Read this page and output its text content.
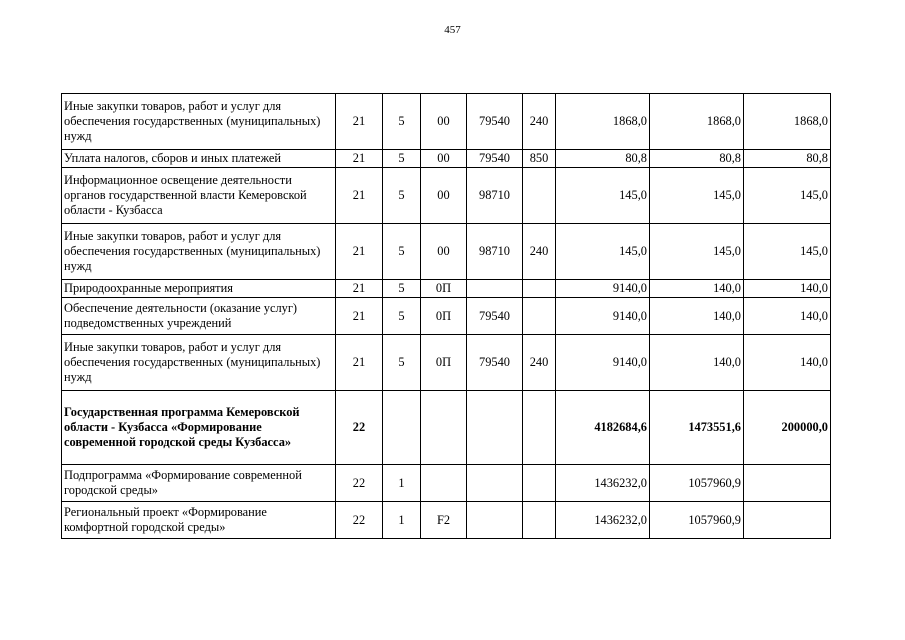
457
Иные закупки товаров, работ и услуг для обеспечения государственных (муниципальных) нужд	21	5	00	79540	240	1868,0	1868,0	1868,0
Уплата налогов, сборов и иных платежей	21	5	00	79540	850	80,8	80,8	80,8
Информационное освещение деятельности органов государственной власти Кемеровской области - Кузбасса	21	5	00	98710		145,0	145,0	145,0
Иные закупки товаров, работ и услуг для обеспечения государственных (муниципальных) нужд	21	5	00	98710	240	145,0	145,0	145,0
Природоохранные мероприятия	21	5	0П			9140,0	140,0	140,0
Обеспечение деятельности (оказание услуг) подведомственных учреждений	21	5	0П	79540		9140,0	140,0	140,0
Иные закупки товаров, работ и услуг для обеспечения государственных (муниципальных) нужд	21	5	0П	79540	240	9140,0	140,0	140,0
Государственная программа Кемеровской области - Кузбасса «Формирование современной городской среды Кузбасса»	22					4182684,6	1473551,6	200000,0
Подпрограмма «Формирование современной городской среды»	22	1				1436232,0	1057960,9	
Региональный проект «Формирование комфортной городской среды»	22	1	F2			1436232,0	1057960,9	
